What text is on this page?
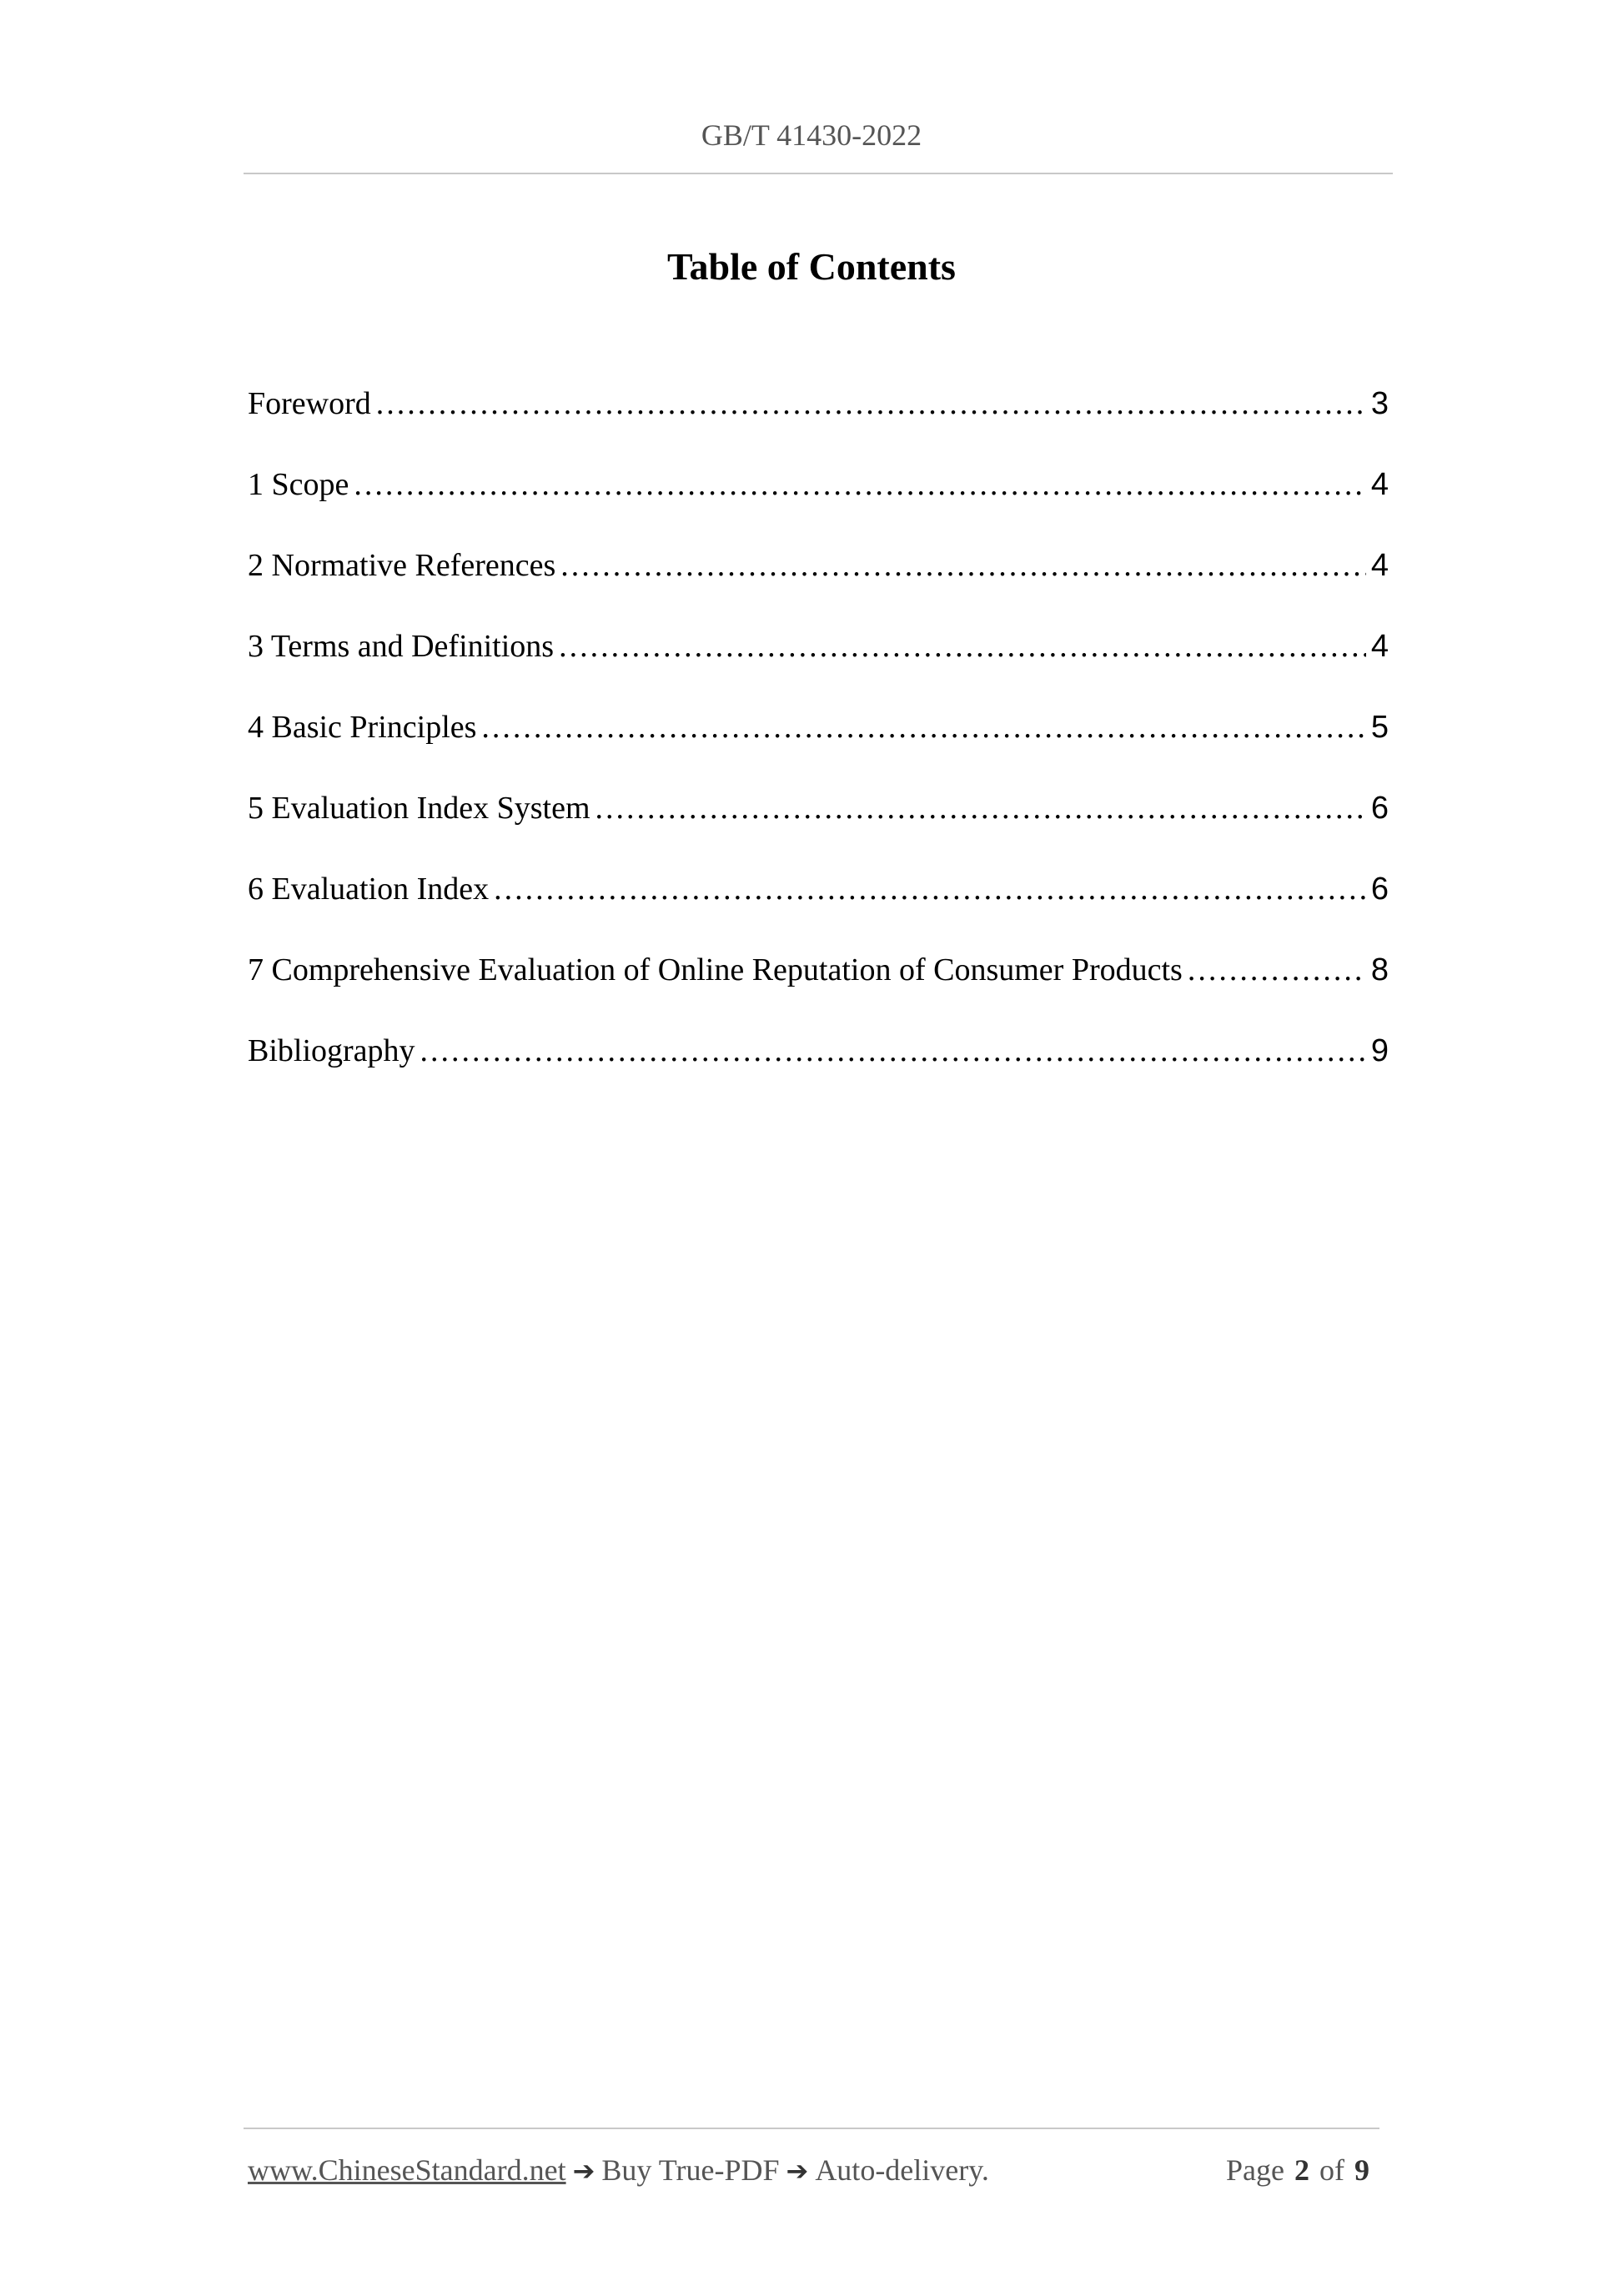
GB/T 41430-2022
Table of Contents
Foreword .....	3
1 Scope .....	4
2 Normative References .....	4
3 Terms and Definitions .....	4
4 Basic Principles .....	5
5 Evaluation Index System .....	6
6 Evaluation Index .....	6
7 Comprehensive Evaluation of Online Reputation of Consumer Products .....	8
Bibliography .....	9
www.ChineseStandard.net ➔ Buy True-PDF ➔ Auto-delivery.	Page 2 of 9
